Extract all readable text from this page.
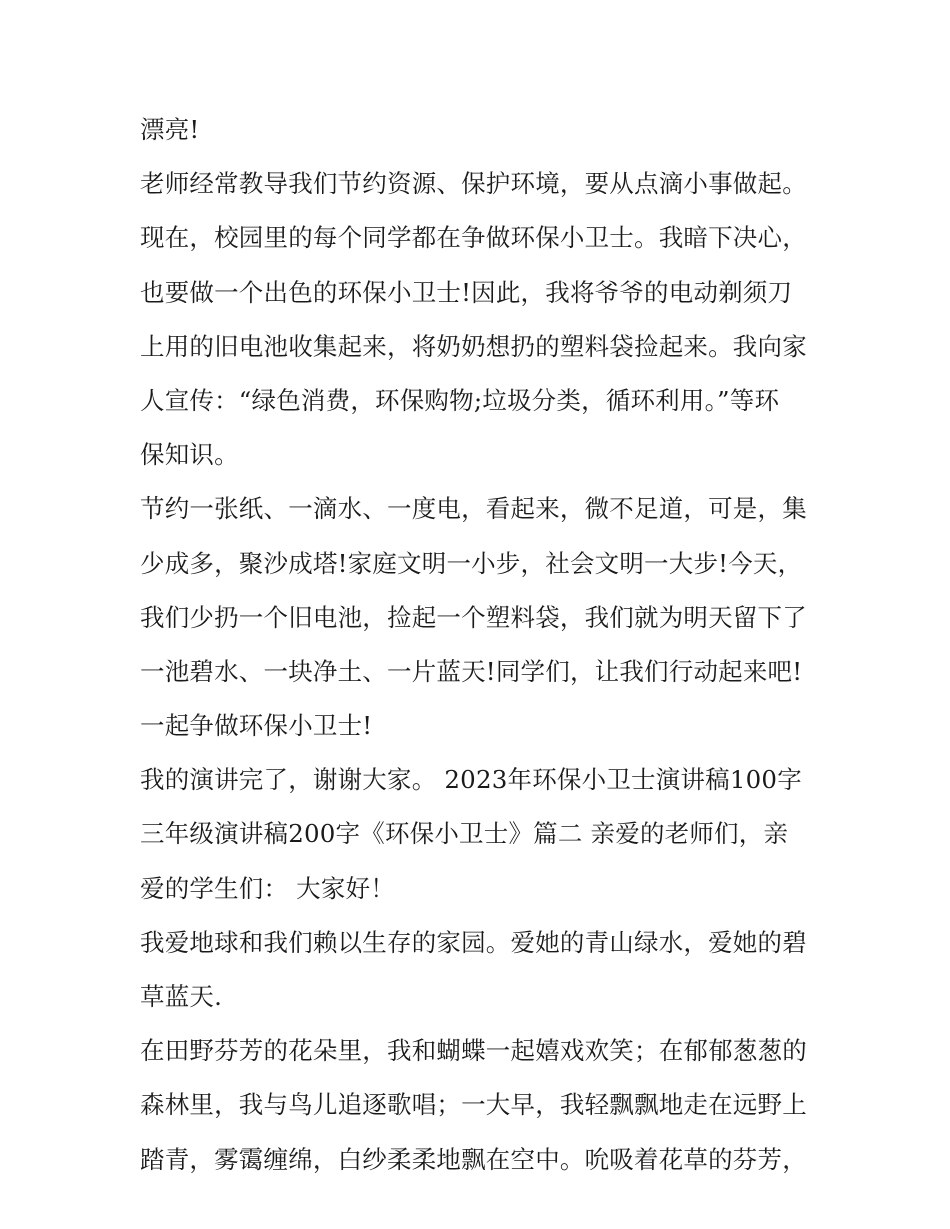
漂亮!
老师经常教导我们节约资源、保护环境，要从点滴小事做起。
现在，校园里的每个同学都在争做环保小卫士。我暗下决心，
也要做一个出色的环保小卫士!因此，我将爷爷的电动剃须刀
上用的旧电池收集起来，将奶奶想扔的塑料袋捡起来。我向家
人宣传：“绿色消费，环保购物;垃圾分类，循环利用。”等环
保知识。
节约一张纸、一滴水、一度电，看起来，微不足道，可是，集
少成多，聚沙成塔!家庭文明一小步，社会文明一大步!今天，
我们少扔一个旧电池，捡起一个塑料袋，我们就为明天留下了
一池碧水、一块净土、一片蓝天!同学们，让我们行动起来吧!
一起争做环保小卫士!
我的演讲完了，谢谢大家。 2023年环保小卫士演讲稿100字
三年级演讲稿200字《环保小卫士》篇二 亲爱的老师们，亲
爱的学生们： 大家好！
我爱地球和我们赖以生存的家园。爱她的青山绿水，爱她的碧
草蓝天.
在田野芬芳的花朵里，我和蝴蝶一起嬉戏欢笑；在郁郁葱葱的
森林里，我与鸟儿追逐歌唱；一大早，我轻飘飘地走在远野上
踏青，雾霭缠绵，白纱柔柔地飘在空中。吮吸着花草的芬芳，
